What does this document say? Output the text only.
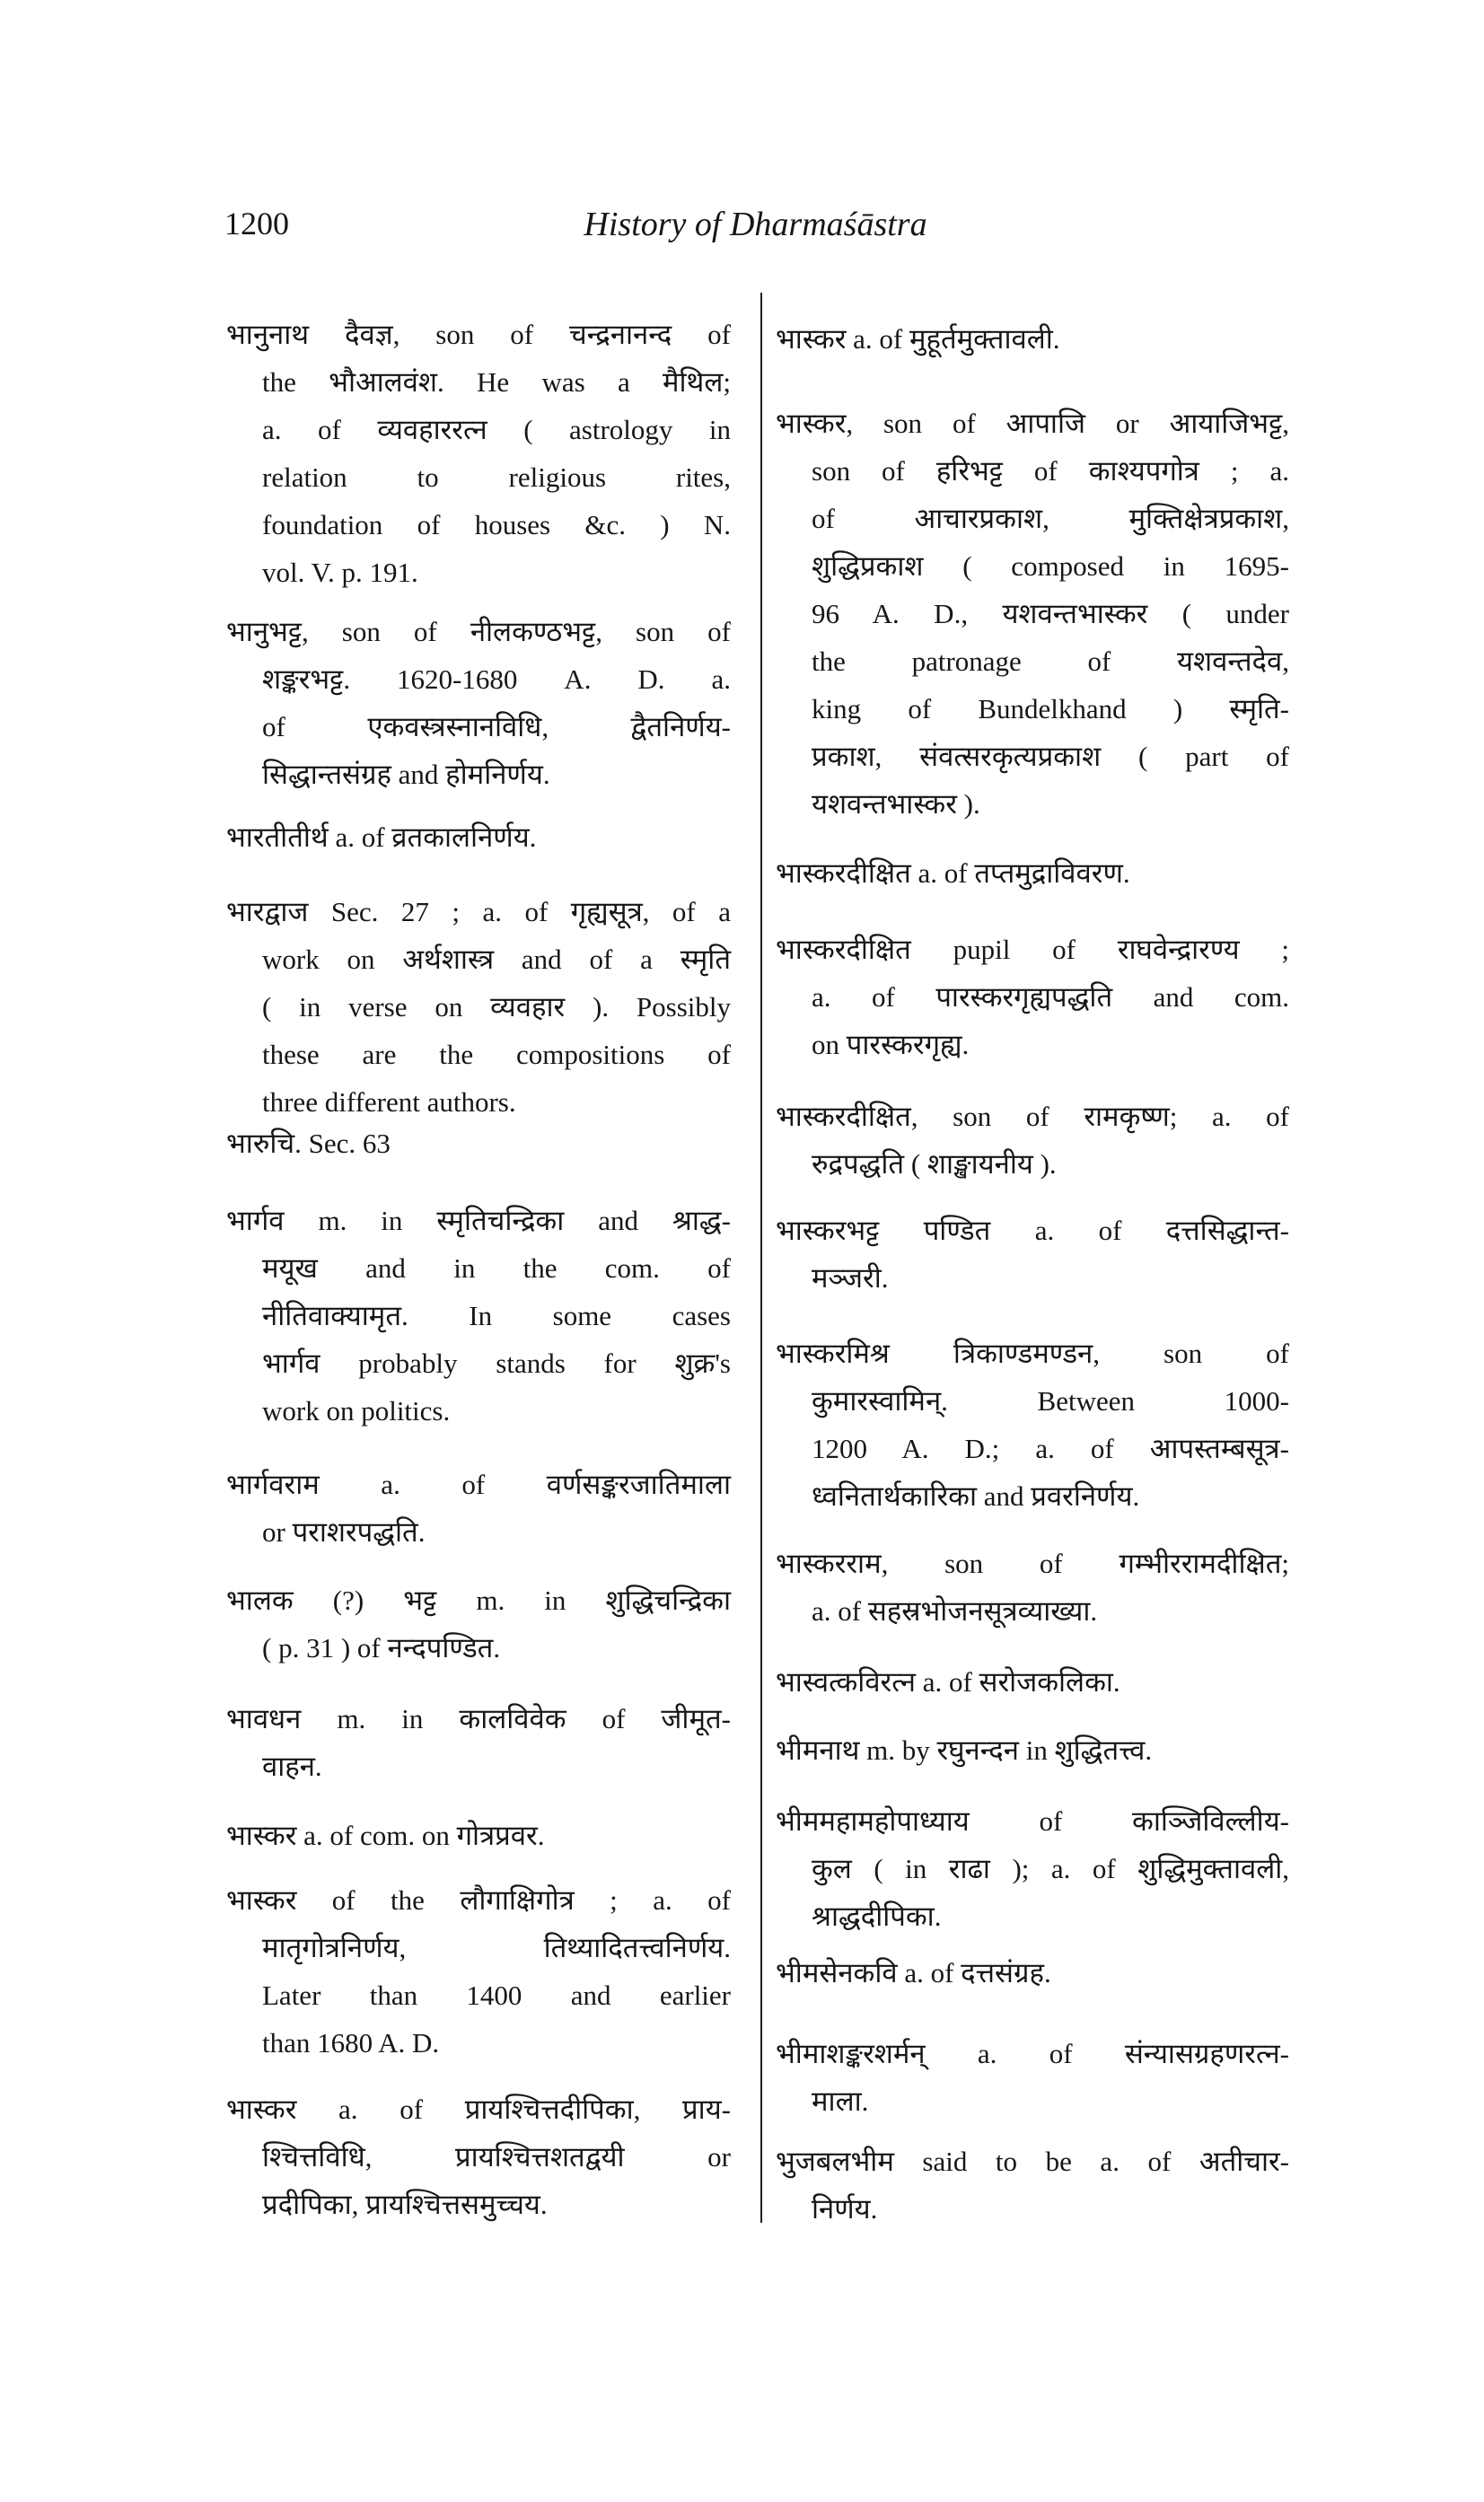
1200	History of Dharmaśāstra
भानुनाथ दैवज्ञ, son of चन्द्रनानन्द of
the भौआलवंश. He was a मैथिल;
a. of व्यवहाररत्न ( astrology in
relation to religious rites,
foundation of houses &c. ) N.
vol. V. p. 191.
भानुभट्ट, son of नीलकण्ठभट्ट, son of
शङ्करभट्ट. 1620-1680 A. D. a.
of एकवस्त्रस्नानविधि, द्वैतनिर्णय-
सिद्धान्तसंग्रह and होमनिर्णय.
भारतीतीर्थ a. of व्रतकालनिर्णय.
भारद्वाज Sec. 27 ; a. of गृह्यसूत्र, of a
work on अर्थशास्त्र and of a स्मृति
( in verse on व्यवहार ). Possibly
these are the compositions of
three different authors.
भारुचि. Sec. 63
भार्गव m. in स्मृतिचन्द्रिका and श्राद्ध-
मयूख and in the com. of
नीतिवाक्यामृत. In some cases
भार्गव probably stands for शुक्र's
work on politics.
भार्गवराम a. of वर्णसङ्करजातिमाला
or पराशरपद्धति.
भालक (?) भट्ट m. in शुद्धिचन्द्रिका
( p. 31 ) of नन्दपण्डित.
भावधन m. in कालविवेक of जीमूत-
वाहन.
भास्कर a. of com. on गोत्रप्रवर.
भास्कर of the लौगाक्षिगोत्र ; a. of
मातृगोत्रनिर्णय, तिथ्यादितत्त्वनिर्णय.
Later than 1400 and earlier
than 1680 A. D.
भास्कर a. of प्रायश्चित्तदीपिका, प्राय-
श्चित्तविधि, प्रायश्चित्तशतद्वयी or
प्रदीपिका, प्रायश्चित्तसमुच्चय.
भास्कर a. of मुहूर्तमुक्तावली.
भास्कर, son of आपाजि or आयाजिभट्ट,
son of हरिभट्ट of काश्यपगोत्र ; a.
of आचारप्रकाश, मुक्तिक्षेत्रप्रकाश,
शुद्धिप्रकाश ( composed in 1695-
96 A. D., यशवन्तभास्कर ( under
the patronage of यशवन्तदेव,
king of Bundelkhand ) स्मृति-
प्रकाश, संवत्सरकृत्यप्रकाश ( part of
यशवन्तभास्कर ).
भास्करदीक्षित a. of तप्तमुद्राविवरण.
भास्करदीक्षित pupil of राघवेन्द्रारण्य ;
a. of पारस्करगृह्यपद्धति and com.
on पारस्करगृह्य.
भास्करदीक्षित, son of रामकृष्ण; a. of
रुद्रपद्धति ( शाङ्खायनीय ).
भास्करभट्ट पण्डित a. of दत्तसिद्धान्त-
मञ्जरी.
भास्करमिश्र त्रिकाण्डमण्डन, son of
कुमारस्वामिन्. Between 1000-
1200 A. D.; a. of आपस्तम्बसूत्र-
ध्वनितार्थकारिका and प्रवरनिर्णय.
भास्करराम, son of गम्भीररामदीक्षित;
a. of सहस्रभोजनसूत्रव्याख्या.
भास्वत्कविरत्न a. of सरोजकलिका.
भीमनाथ m. by रघुनन्दन in शुद्धितत्त्व.
भीममहामहोपाध्याय of काञ्जिविल्लीय-
कुल ( in राढा ); a. of शुद्धिमुक्तावली,
श्राद्धदीपिका.
भीमसेनकवि a. of दत्तसंग्रह.
भीमाशङ्करशर्मन् a. of संन्यासग्रहणरत्न-
माला.
भुजबलभीम said to be a. of अतीचार-
निर्णय.
